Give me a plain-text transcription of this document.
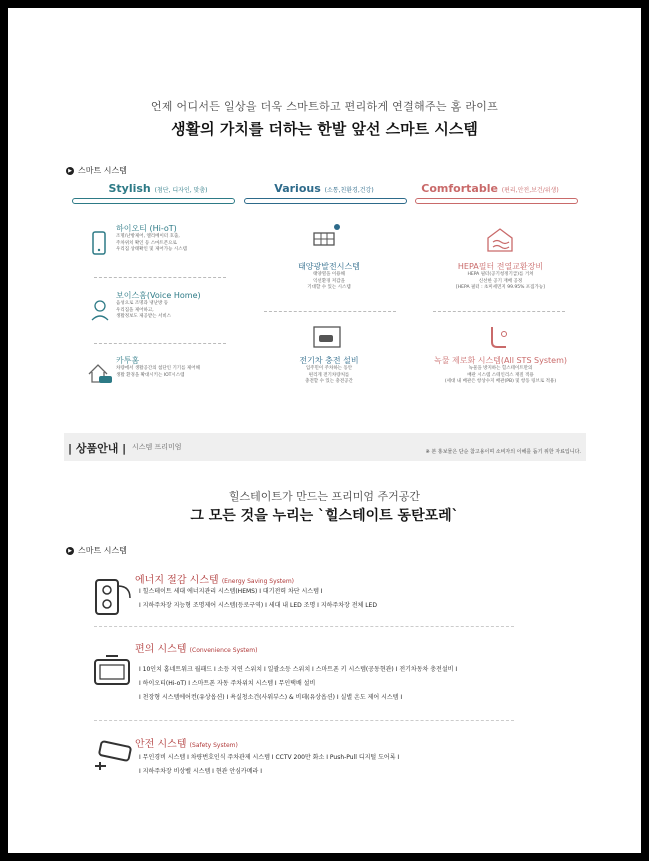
언제 어디서든 일상을 더욱 스마트하고 편리하게 연결해주는 홈 라이프
생활의 가치를 더하는 한발 앞선 스마트 시스템
▶ 스마트 시스템
Stylish (첨단, 디자인, 맞춤)	Various (소통,친환경,건강)	Comfortable (편리,안전,보건/위생)
하이오티 (Hi-oT)
조명/난방제어, 엘리베이터 호출,
주차위치 확인 등 스마트폰으로
우리집 상태확인 및 제어가능 시스템
보이스홈(Voice Home)
음성으로 조명과 냉난방 등
우리집을 제어하고,
생활정보도 제공받는 서비스
카투홈
차량에서 생활공간의 첨단인 기기를 제어해
생활 환경을 확대시키는 IOT시스템
태양광발전시스템
태양열을 이용해
익선환경 저감을
기대할 수 있는 시스템
전기차 충전 설비
입주민이 주차하는 동안
편리게 전기차량처를
충전할 수 있는 충전공간
HEPA필터 전열교환장비
HEPA 필터(공기청정기급)를 거쳐
신선한 공기 재배 공정
[HEPA 필터 : 초미세먼지 99.95% 포집가능]
녹물 제로화 시스템(All STS System)
녹물을 방지하는 힐스테이트만의
배관 시스템 스테인리스 재질 적용
(세대 내 배관은 항상수지 배관(PB) 및 항동 링브로 적용)
| 상품안내 | 시스템 프리미엄
※ 본 홍보물은 단순 참고용이며 소비자의 이해를 돕기 위한 자료입니다.
힐스테이트가 만드는 프리미엄 주거공간
그 모든 것을 누리는 `힐스테이트 동탄포레`
▶ 스마트 시스템
에너지 절감 시스템 (Energy Saving System)
I 힐스테이트 세대 에너지관리 시스템(HEMS) I 대기전력 차단 시스템 I
I 지하주차장 지능형 조명제어 시스템(등로구역) I 세대 내 LED 조명 I 지하주차장 전체 LED
편의 시스템 (Convenience System)
I 10인치 홈네트워크 월패드 I 소등 지연 스위치 I 일괄소등 스위치 I 스마트폰 키 시스템(공동현관) I 전기차동차 충전설비 I
I 하이오티(Hi-oT) I 스마트폰 자동 주차위치 시스템 I 무인택배 설비
I 천장형 시스템에어컨(유상옵션) I 욕실청소건(사워부스) & 비데(유상옵션) I 실별 온도 제어 시스템 I
안전 시스템 (Safety System)
I 무인경비 시스템 I 차량번호인식 주차관제 시스템 I CCTV 200만 화소 I Push-Pull 디지털 도어록 I
I 지하주차장 비상벨 시스템 I 현관 안심카메라 I
